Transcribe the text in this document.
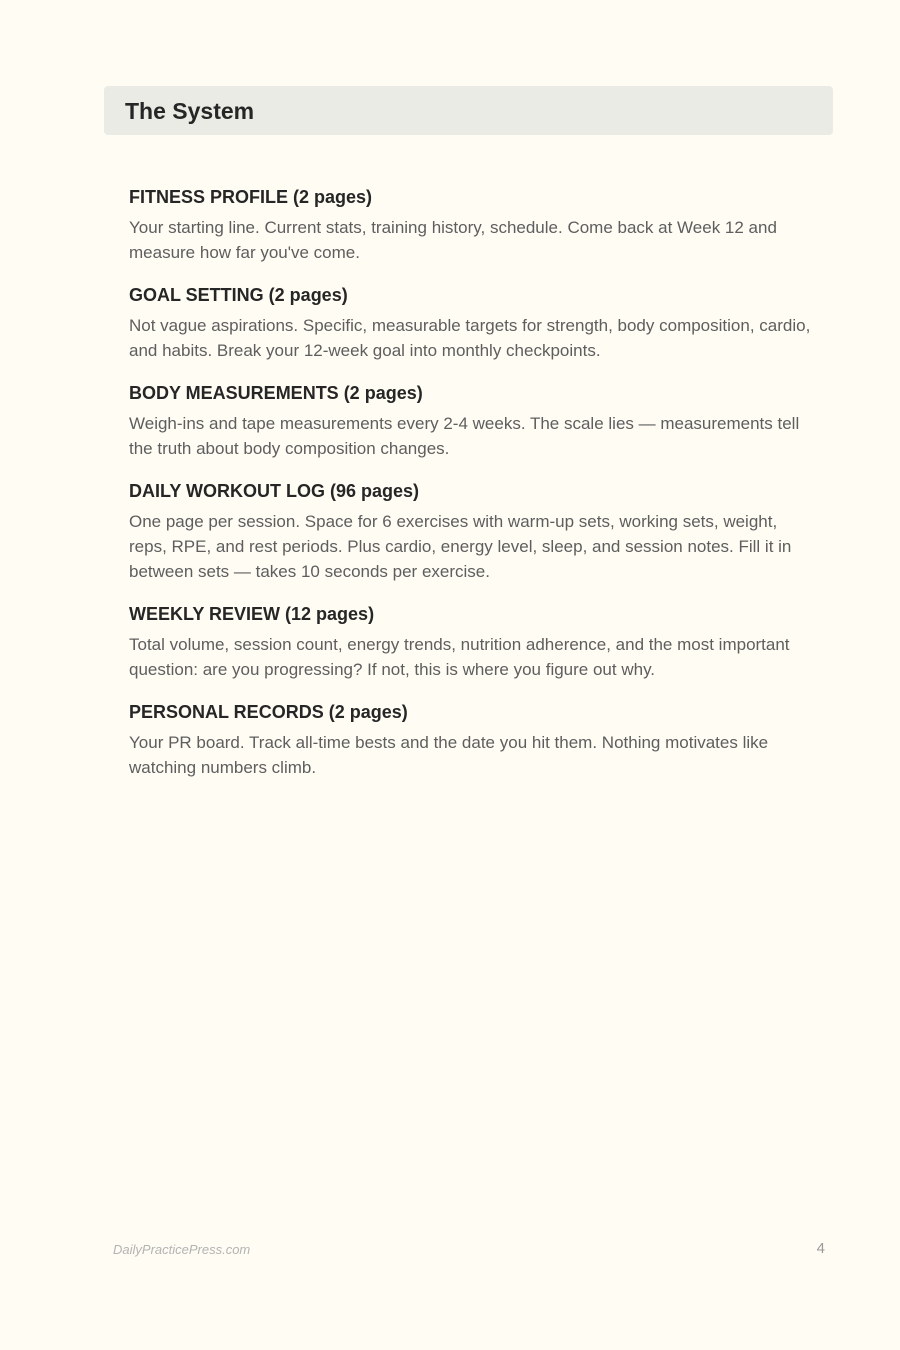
The System
FITNESS PROFILE (2 pages)

Your starting line. Current stats, training history, schedule. Come back at Week 12 and measure how far you've come.

GOAL SETTING (2 pages)

Not vague aspirations. Specific, measurable targets for strength, body composition, cardio, and habits. Break your 12-week goal into monthly checkpoints.

BODY MEASUREMENTS (2 pages)

Weigh-ins and tape measurements every 2-4 weeks. The scale lies — measurements tell the truth about body composition changes.

DAILY WORKOUT LOG (96 pages)

One page per session. Space for 6 exercises with warm-up sets, working sets, weight, reps, RPE, and rest periods. Plus cardio, energy level, sleep, and session notes. Fill it in between sets — takes 10 seconds per exercise.

WEEKLY REVIEW (12 pages)

Total volume, session count, energy trends, nutrition adherence, and the most important question: are you progressing? If not, this is where you figure out why.

PERSONAL RECORDS (2 pages)

Your PR board. Track all-time bests and the date you hit them. Nothing motivates like watching numbers climb.

DailyPracticePress.com	4
